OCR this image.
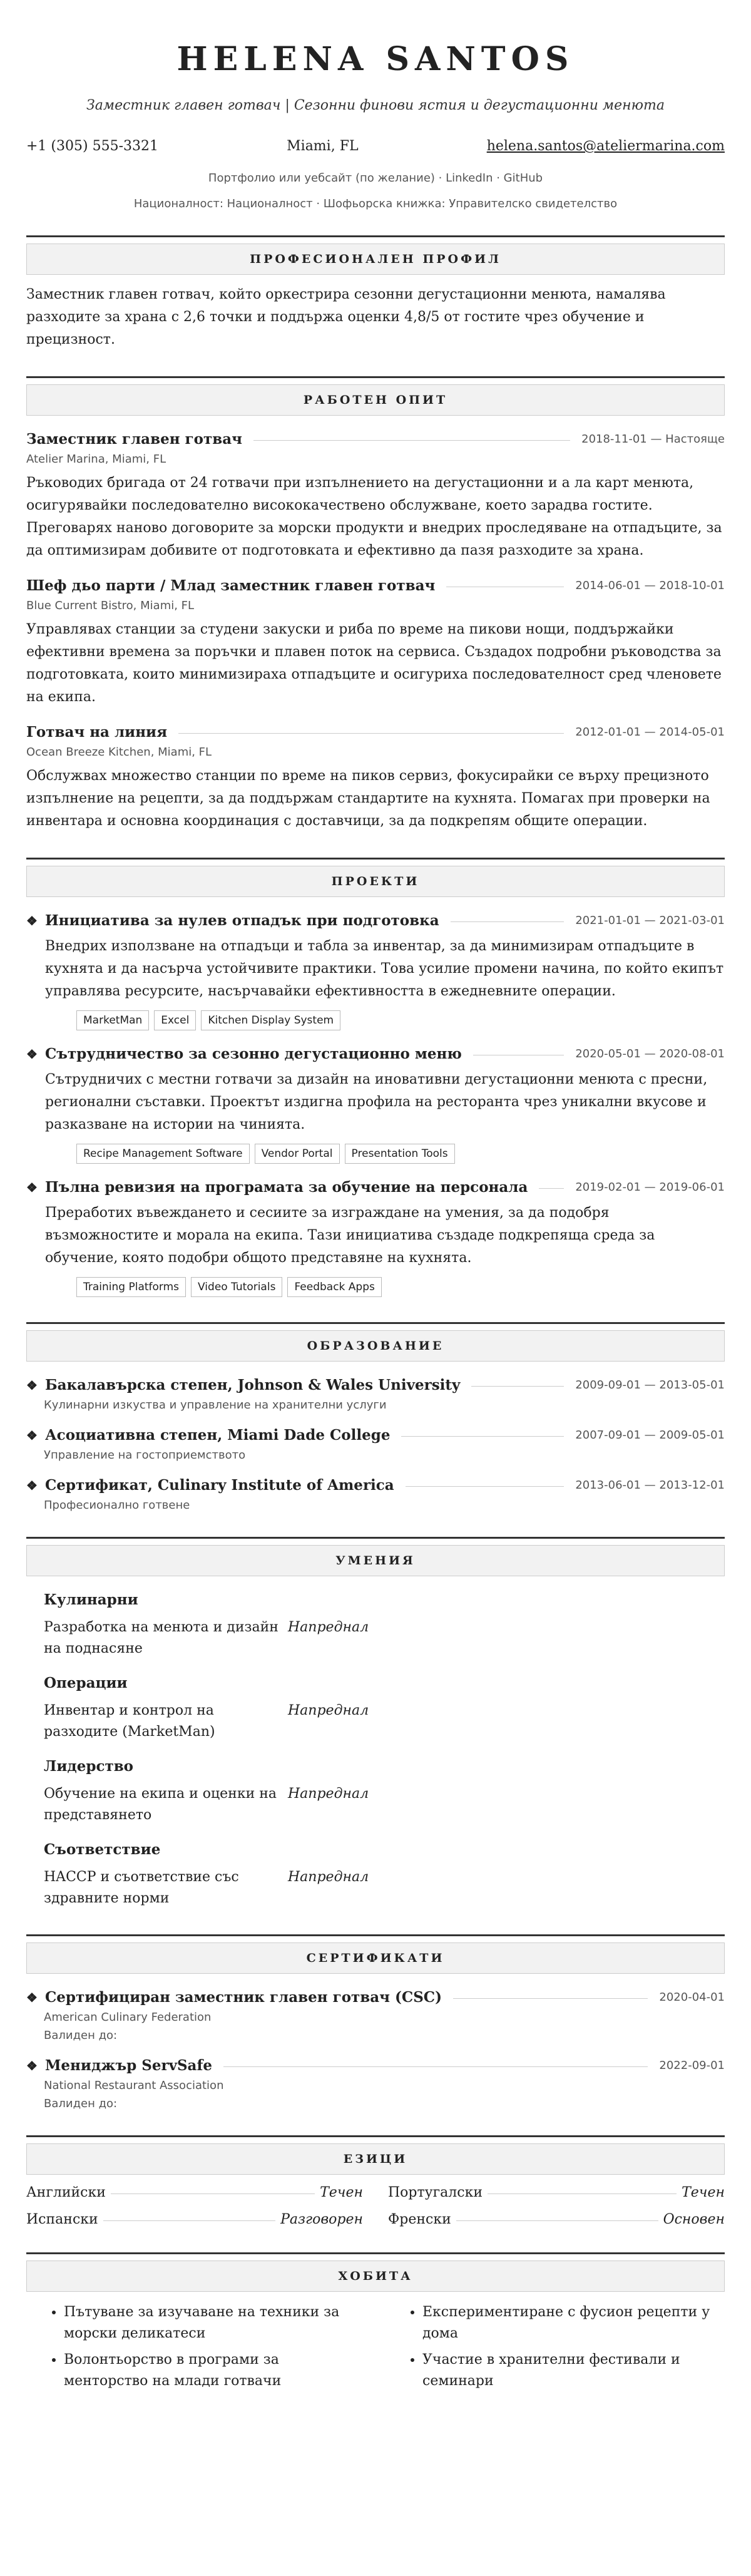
HELENA SANTOS
Заместник главен готвач | Сезонни финови ястия и дегустационни менюта
+1 (305) 555-3321	Miami, FL	helena.santos@ateliermarina.com
Портфолио или уебсайт (по желание) · LinkedIn · GitHub
Националност: Националност · Шофьорска книжка: Управителско свидетелство
ПРОФЕСИОНАЛЕН ПРОФИЛ
Заместник главен готвач, който оркестрира сезонни дегустационни менюта, намалява разходите за храна с 2,6 точки и поддържа оценки 4,8/5 от гостите чрез обучение и прецизност.
РАБОТЕН ОПИТ
Заместник главен готвач	2018-11-01 — Настояще
Atelier Marina, Miami, FL
Ръководих бригада от 24 готвачи при изпълнението на дегустационни и а ла карт менюта, осигурявайки последователно висококачествено обслужване, което зарадва гостите. Преговарях наново договорите за морски продукти и внедрих проследяване на отпадъците, за да оптимизирам добивите от подготовката и ефективно да пазя разходите за храна.
Шеф дьо парти / Млад заместник главен готвач	2014-06-01 — 2018-10-01
Blue Current Bistro, Miami, FL
Управлявах станции за студени закуски и риба по време на пикови нощи, поддържайки ефективни времена за поръчки и плавен поток на сервиса. Създадох подробни ръководства за подготовката, които минимизираха отпадъците и осигуриха последователност сред членовете на екипа.
Готвач на линия	2012-01-01 — 2014-05-01
Ocean Breeze Kitchen, Miami, FL
Обслужвах множество станции по време на пиков сервиз, фокусирайки се върху прецизното изпълнение на рецепти, за да поддържам стандартите на кухнята. Помагах при проверки на инвентара и основна координация с доставчици, за да подкрепям общите операции.
ПРОЕКТИ
❖ Инициатива за нулев отпадък при подготовка	2021-01-01 — 2021-03-01
Внедрих използване на отпадъци и табла за инвентар, за да минимизирам отпадъците в кухнята и да насърча устойчивите практики. Това усилие промени начина, по който екипът управлява ресурсите, насърчавайки ефективността в ежедневните операции.
MarketMan	Excel	Kitchen Display System
❖ Сътрудничество за сезонно дегустационно меню	2020-05-01 — 2020-08-01
Сътрудничих с местни готвачи за дизайн на иновативни дегустационни менюта с пресни, регионални съставки. Проектът издигна профила на ресторанта чрез уникални вкусове и разказване на истории на чинията.
Recipe Management Software	Vendor Portal	Presentation Tools
❖ Пълна ревизия на програмата за обучение на персонала	2019-02-01 — 2019-06-01
Преработих въвеждането и сесиите за изграждане на умения, за да подобря възможностите и морала на екипа. Тази инициатива създаде подкрепяща среда за обучение, която подобри общото представяне на кухнята.
Training Platforms	Video Tutorials	Feedback Apps
ОБРАЗОВАНИЕ
❖ Бакалавърска степен, Johnson & Wales University	2009-09-01 — 2013-05-01
Кулинарни изкуства и управление на хранителни услуги
❖ Асоциативна степен, Miami Dade College	2007-09-01 — 2009-05-01
Управление на гостоприемството
❖ Сертификат, Culinary Institute of America	2013-06-01 — 2013-12-01
Професионално готвене
УМЕНИЯ
Кулинарни
Разработка на менюта и дизайн на поднасяне
Напреднал
Операции
Инвентар и контрол на разходите (MarketMan)
Напреднал
Лидерство
Обучение на екипа и оценки на представянето
Напреднал
Съответствие
HACCP и съответствие със здравните норми
Напреднал
СЕРТИФИКАТИ
❖ Сертифициран заместник главен готвач (CSC)	2020-04-01
American Culinary Federation
Валиден до:
❖ Мениджър ServSafe	2022-09-01
National Restaurant Association
Валиден до:
ЕЗИЦИ
Английски	Течен Португалски	Течен
Испански	Разговорен Френски	Основен
ХОБИТА
• Пътуване за изучаване на техники за морски деликатеси
• Волонтьорство в програми за менторство на млади готвачи
• Експериментиране с фусион рецепти у дома
• Участие в хранителни фестивали и семинари
